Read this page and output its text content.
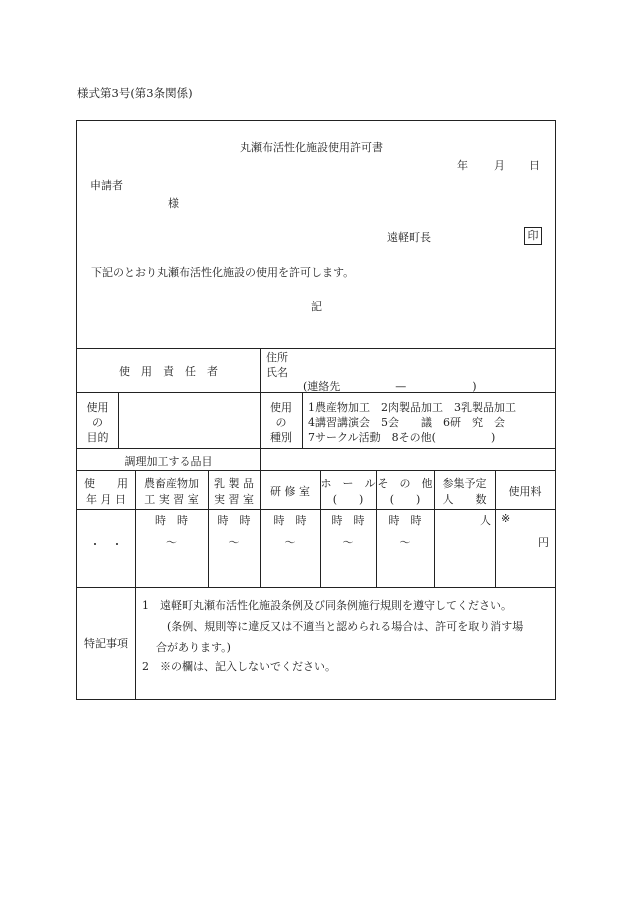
様式第3号(第3条関係)
丸瀬布活性化施設使用許可書
年 月 日
申請者
様
遠軽町長	印
下記のとおり丸瀬布活性化施設の使用を許可します。
記
使　用　責　任　者
住所
氏名
(連絡先　　　　　—　　　　　　)
使用
の
目的
使用
の
種別
1農産物加工　2肉製品加工　3乳製品加工
4講習講演会　5会　　議　6研　究　会
7サークル活動　8その他(　　　　　)
調理加工する品目
使　　用
年 月 日
農畜産物加
工 実 習 室
乳 製 品
実 習 室
研 修 室
ホ　ー　ル
(　　)
そ　の　他
(　　)
参集予定
人　　数
使用料
・　・
時　時
〜
時　時
〜
時　時
〜
時　時
〜
時　時
〜
人 ※
円
特記事項
1　遠軽町丸瀬布活性化施設条例及び同条例施行規則を遵守してください。
(条例、規則等に違反又は不適当と認められる場合は、許可を取り消す場
合があります。)
2　※の欄は、記入しないでください。
